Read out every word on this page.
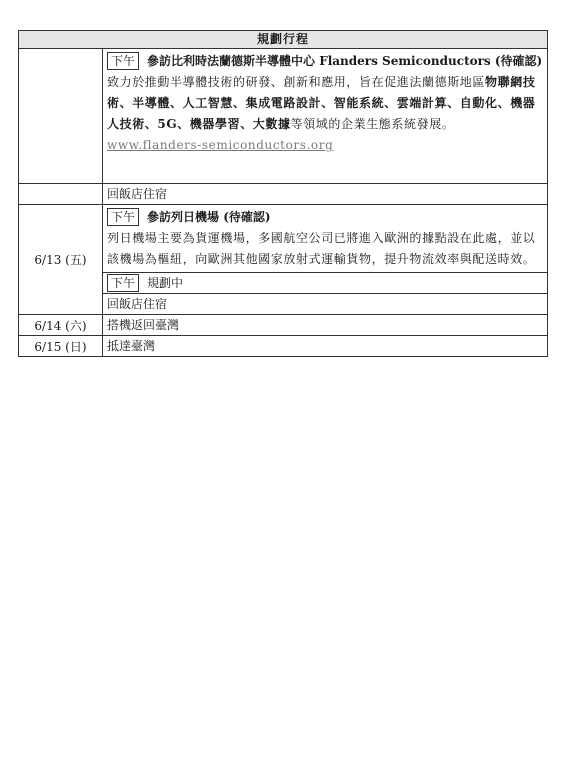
規劃行程	
	下午 參訪比利時法蘭德斯半導體中心 Flanders Semiconductors (待確認)
致力於推動半導體技術的研發、創新和應用，旨在促進法蘭德斯地區物聯網技術、半導體、人工智慧、集成電路設計、智能系統、雲端計算、自動化、機器人技術、5G、機器學習、大數據等領域的企業生態系統發展。www.flanders-semiconductors.org

	回飯店住宿
6/13 (五)	下午 參訪列日機場 (待確認)
列日機場主要為貨運機場，多國航空公司已將進入歐洲的據點設在此處，並以該機場為樞紐，向歐洲其他國家放射式運輸貨物，提升物流效率與配送時效。

	下午 規劃中
	回飯店住宿
6/14 (六)	搭機返回臺灣
6/15 (日)	抵達臺灣
